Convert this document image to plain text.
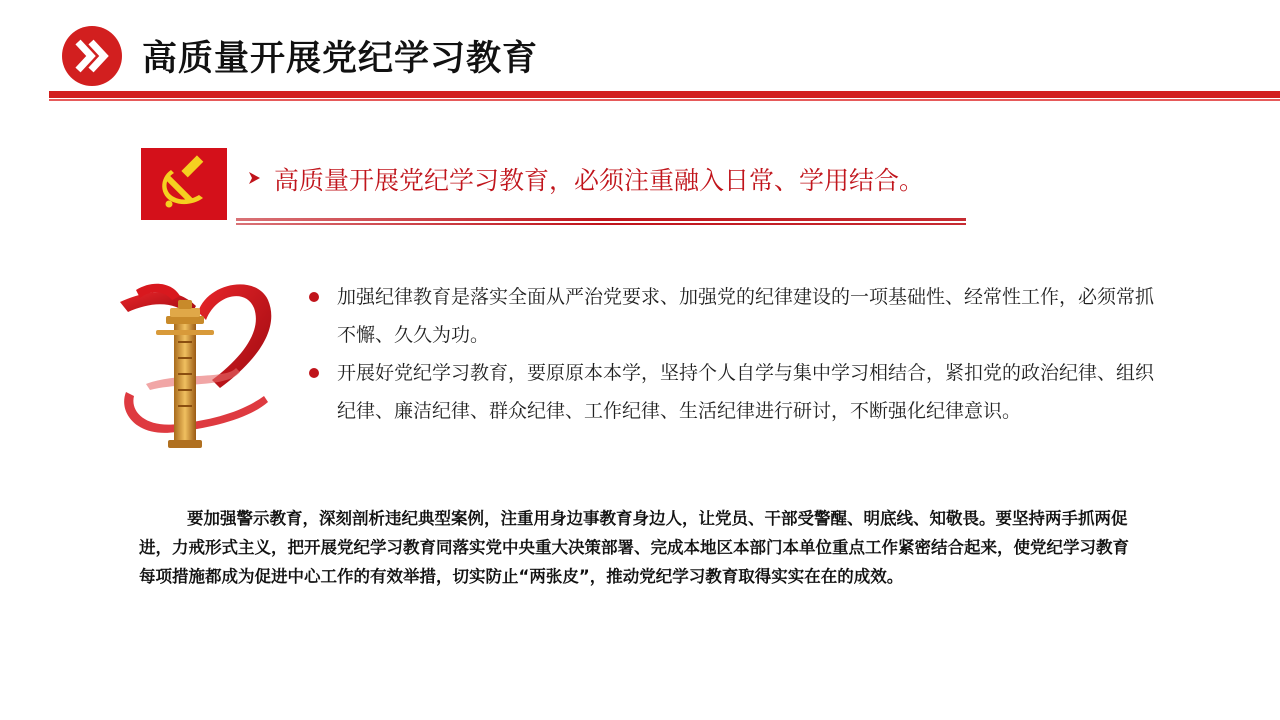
高质量开展党纪学习教育
高质量开展党纪学习教育，必须注重融入日常、学用结合。
加强纪律教育是落实全面从严治党要求、加强党的纪律建设的一项基础性、经常性工作，必须常抓不懈、久久为功。
开展好党纪学习教育，要原原本本学，坚持个人自学与集中学习相结合，紧扣党的政治纪律、组织纪律、廉洁纪律、群众纪律、工作纪律、生活纪律进行研讨，不断强化纪律意识。

要加强警示教育，深刻剖析违纪典型案例，注重用身边事教育身边人，让党员、干部受警醒、明底线、知敬畏。要坚持两手抓两促进，力戒形式主义，把开展党纪学习教育同落实党中央重大决策部署、完成本地区本部门本单位重点工作紧密结合起来，使党纪学习教育每项措施都成为促进中心工作的有效举措，切实防止“两张皮”，推动党纪学习教育取得实实在在的成效。
